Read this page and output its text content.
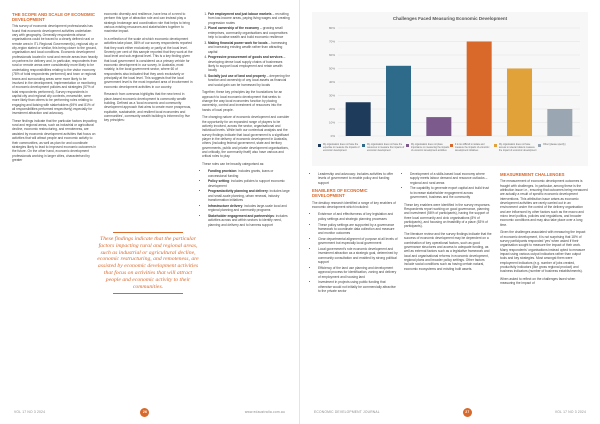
THE SCOPE AND SCALE OF ECONOMIC DEVELOPMENT

This survey of economic development professionals has found that economic development activities undertaken vary with geography. Generally respondents whose organisations could be traced to a clearly defined rural or remote area in ITL Regional Government(s), regional city or city-region stated or similar, this being closer to the ground, organisation and local conditions. Economic development professionals located in rural and remote areas lean heavily on partners for delivery and, in particular, respondents from rural or remote areas were considerably more likely to be undertaking responsibilities relating to the visitor economy (78% of total respondents performed) and town or regional towns and surrounding areas were more likely to be involved in the development, implementation or monitoring of economic development policies and strategies (57% of total respondents performed). Survey respondents in capital city and regional city contexts, meanwhile, were more likely than others to be performing roles relating to engaging and liaising with stakeholders (69% and 81% of all responsibilities performed respectively) especially for investment attraction and advocacy.

These findings indicate that the particular factors impacting rural and regional areas, such as industrial or agricultural decline, economic restructuring, and remoteness, are assisted by economic development activities that focus on activities that will attract people and economic activity to their communities, as well as plan for and coordinate strategies likely to lead to improved economic outcomes in the future. On the other hand, economic development professionals working in larger cities, characterised by greater

economic diversity and resilience, have less of a need to perform this type of attraction role and can instead play a strategic brokerage and coordination role that helps to bring various existing resources and stakeholders together to maximise impact.

In a reflection of the scale at which economic development activities take place, 86% of our survey respondents reported that they work either exclusively or partly at the local level. Seventy per cent of this sample reported that they work at the local level and sub-regional level. This is a key finding given that local government is considered as a primary vehicle for economic development in our survey. In Australia, most notably, is the local government sector, where 60 of respondents also indicated that they work exclusively or principally at the local level. This suggests that the local government level is the most important area of involvement in economic development activities in our country.

Research from overseas highlights that the new trend in place-based economic development is community wealth building. Defined as a 'local economic and community development approach that aims to create more prosperous, equitable, sustainable, and resilient local economies and communities', community wealth building is informed by five key principles:

1. Fair employment and just labour markets – recruiting from low-income areas, paying living wages and creating progression routes
2. Plural ownership of the economy – growing small enterprises, community organisations and cooperatives help to localise wealth and build economic resilience
3. Making financial power work for locals – harnessing and increasing existing wealth rather than attracting capital
4. Progressive procurement of goods and services – developing dense local supply chains of businesses likely to support local employment and retain wealth locally
5. Socially just use of land and property – deepening the function and ownership of any local assets as financial and social gain can be harnessed by locals

Together, these key principles lay the foundations for an approach to local economic development that seeks to change the way local economies function by placing ownership, control and investment of resources into the hands of local people.

The changing nature of economic development and consider the opportunity for an expanded range of players to be actively involved, across the sector, organisational and individual levels. While both our contextual analysis and the survey findings indicate that local government is a significant player in the delivery of economic development in Australia, others (including federal government, state and territory governments, public and private development organisations, and critically, the community itself) also have various and critical roles to play.

These roles can be broadly categorised as:

• Funding provision: includes grants, loans or concessional funding
• Policy setting: includes policies to support economic development
• Program/activity planning and delivery: includes large and small-scale planning, urban renewal, industry transformation initiatives
• Infrastructure delivery: includes large-scale local and regional planning and community programs
• Stakeholder engagement and partnerships: includes activities across and within sectors to identify need, planning and delivery and to harness support
These findings indicate that the particular factors impacting rural and regional areas, such as industrial or agricultural decline, economic restructuring, and remoteness, are assisted by economic development activities that focus on activities that will attract people and economic activity to their communities.
VOL 17 NO 3 2024	26	www.edaustralia.com.au
Challenges Faced Measuring Economic Development
0%
10%
20%
30%
40%
50%
60%
70%
80%
My organisation does not have the expertise to measure the impacts of economic development
My organisation does not have the resources to measure the impacts of economic development
My organisation does not place importance on measuring the impacts of economic development activities
It is too difficult to isolate and measure the impacts of economic development initiatives
My organisation does not have access to relevant data to measure the impact of economic development
Other (please specify)
• Leadership and advocacy: includes activities to offer levels of government to enable policy and funding support
ENABLERS OF ECONOMIC DEVELOPMENT

The desktop research identified a range of key enablers of economic development which included:

• Existence of and effectiveness of key legislation and policy settings and strategic planning processes
• These policy settings are supported by a governance framework to coordinate data collection and measure and monitor outcomes
• Clear departmental alignment of purpose at all levels of government but especially local government
• Local government's role economic development and investment attraction as a strategic goal, determined by community consultation and enabled by strong political support
• Efficiency of the land use planning and development approval process for identification, zoning and delivery of employment and housing land
• Investment in projects using public funding that otherwise would not initially be commercially attractive to the private sector
• Development of a skills-based local economy where supply meets labour demand and resource outlooks – regional and rural areas
• The capability to generate export capital and build trust to increase stakeholder engagement across government, business and the community

These key enablers were identified in the survey responses. Respondents report working on good governance, planning and investment (56% of participants), having the support of three local community and civic organisations (8% of participants), and focusing on feasibility of a place (53% of participants).

The literature review and the survey findings indicate that the success of economic development may be dependent on a combination of key operational factors, such as good governance structures and access to adequate funding, as well as external factors such as a legislative framework and local and organisational reforms in economic development, regional plans and broader policy settings. Other factors include social conditions such as having certain natural, economic ecosystems and existing built assets.

MEASUREMENT CHALLENGES

The measurement of economic development outcomes is fraught with challenges. In particular, among these is the attribution issue i.e., ensuring that outcomes being measured are actually a result of specific economic development interventions. This attribution issue arises as economic development activities are rarely carried out in an environment under the control of the delivery organisation and are influenced by other factors such as the macro and micro level politics, policies and regulations, and broader economic conditions and may also take place over a long time.

Given the challenges associated with measuring the impact of economic development, it is not surprising that 18% of survey participants responded 'yes' when asked if their organisation sought to measure the impact of their work. Many respondents' organisations instead opted to measure impact using various output indicators rather than output tools and key strategies. Most amongst them were employment indicators (e.g. number of jobs created, productivity indicators (like gross regional product) and business indicators (number of business establishments).

When asked to reflect on the challenges faced when measuring the impact of

ECONOMIC DEVELOPMENT JOURNAL	27	VOL 17 NO 3 2024
